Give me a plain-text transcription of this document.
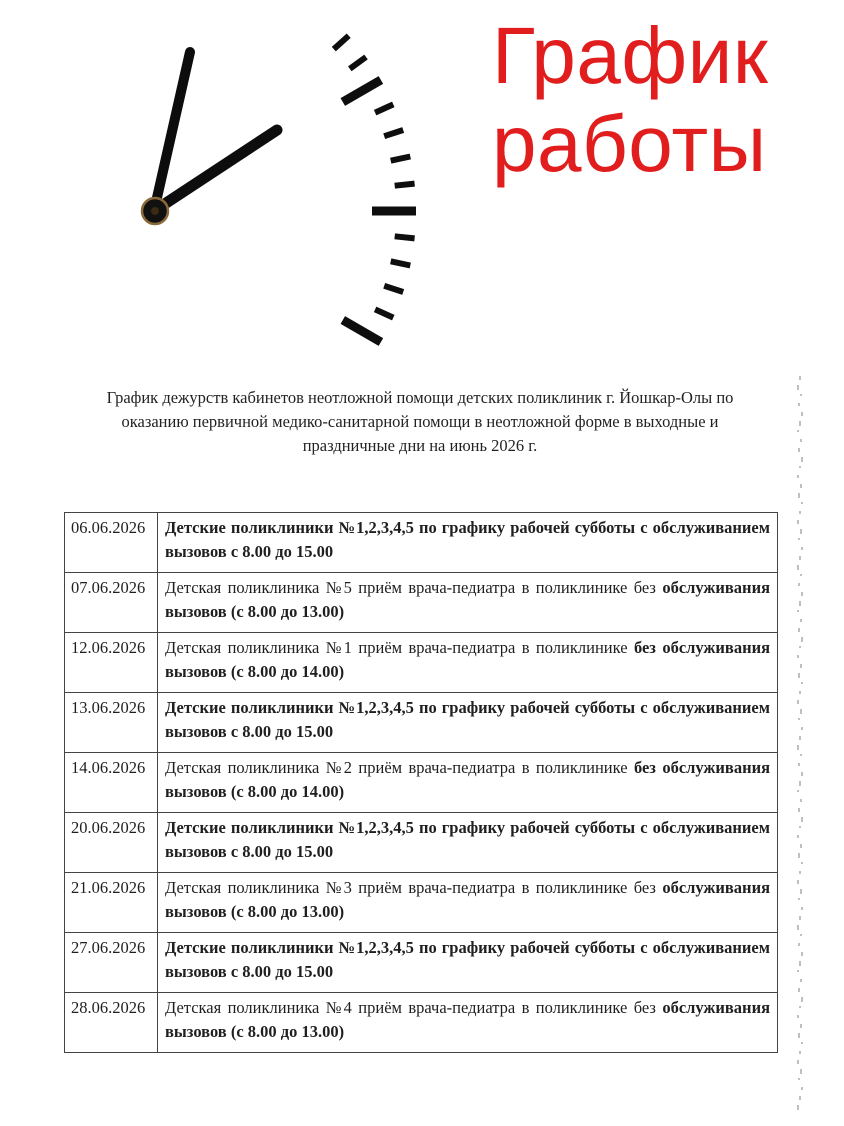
График
работы
График дежурств кабинетов неотложной помощи детских поликлиник г. Йошкар-Олы по
оказанию первичной медико-санитарной помощи в неотложной форме в выходные и
праздничные дни на июнь 2026 г.
06.06.2026	Детские поликлиники №1,2,3,4,5 по графику рабочей субботы с обслуживанием вызовов с 8.00 до 15.00
07.06.2026	Детская поликлиника №5 приём врача-педиатра в поликлинике без обслуживания вызовов (с 8.00 до 13.00)
12.06.2026	Детская поликлиника №1 приём врача-педиатра в поликлинике без обслуживания вызовов (с 8.00 до 14.00)
13.06.2026	Детские поликлиники №1,2,3,4,5 по графику рабочей субботы с обслуживанием вызовов с 8.00 до 15.00
14.06.2026	Детская поликлиника №2 приём врача-педиатра в поликлинике без обслуживания вызовов (с 8.00 до 14.00)
20.06.2026	Детские поликлиники №1,2,3,4,5 по графику рабочей субботы с обслуживанием вызовов с 8.00 до 15.00
21.06.2026	Детская поликлиника №3 приём врача-педиатра в поликлинике без обслуживания вызовов (с 8.00 до 13.00)
27.06.2026	Детские поликлиники №1,2,3,4,5 по графику рабочей субботы с обслуживанием вызовов с 8.00 до 15.00
28.06.2026	Детская поликлиника №4 приём врача-педиатра в поликлинике без обслуживания вызовов (с 8.00 до 13.00)
